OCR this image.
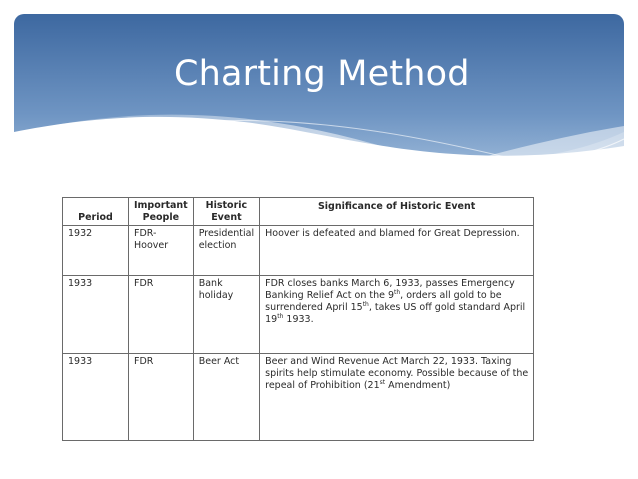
Charting Method
Period	Important People	Historic Event	Significance of Historic Event
1932	FDR- Hoover	Presidential election	Hoover is defeated and blamed for Great Depression.
1933	FDR	Bank holiday	FDR closes banks March 6, 1933, passes Emergency Banking Relief Act on the 9th, orders all gold to be surrendered April 15th, takes US off gold standard April 19th 1933.
1933	FDR	Beer Act	Beer and Wind Revenue Act March 22, 1933. Taxing spirits help stimulate economy. Possible because of the repeal of Prohibition (21st Amendment)
